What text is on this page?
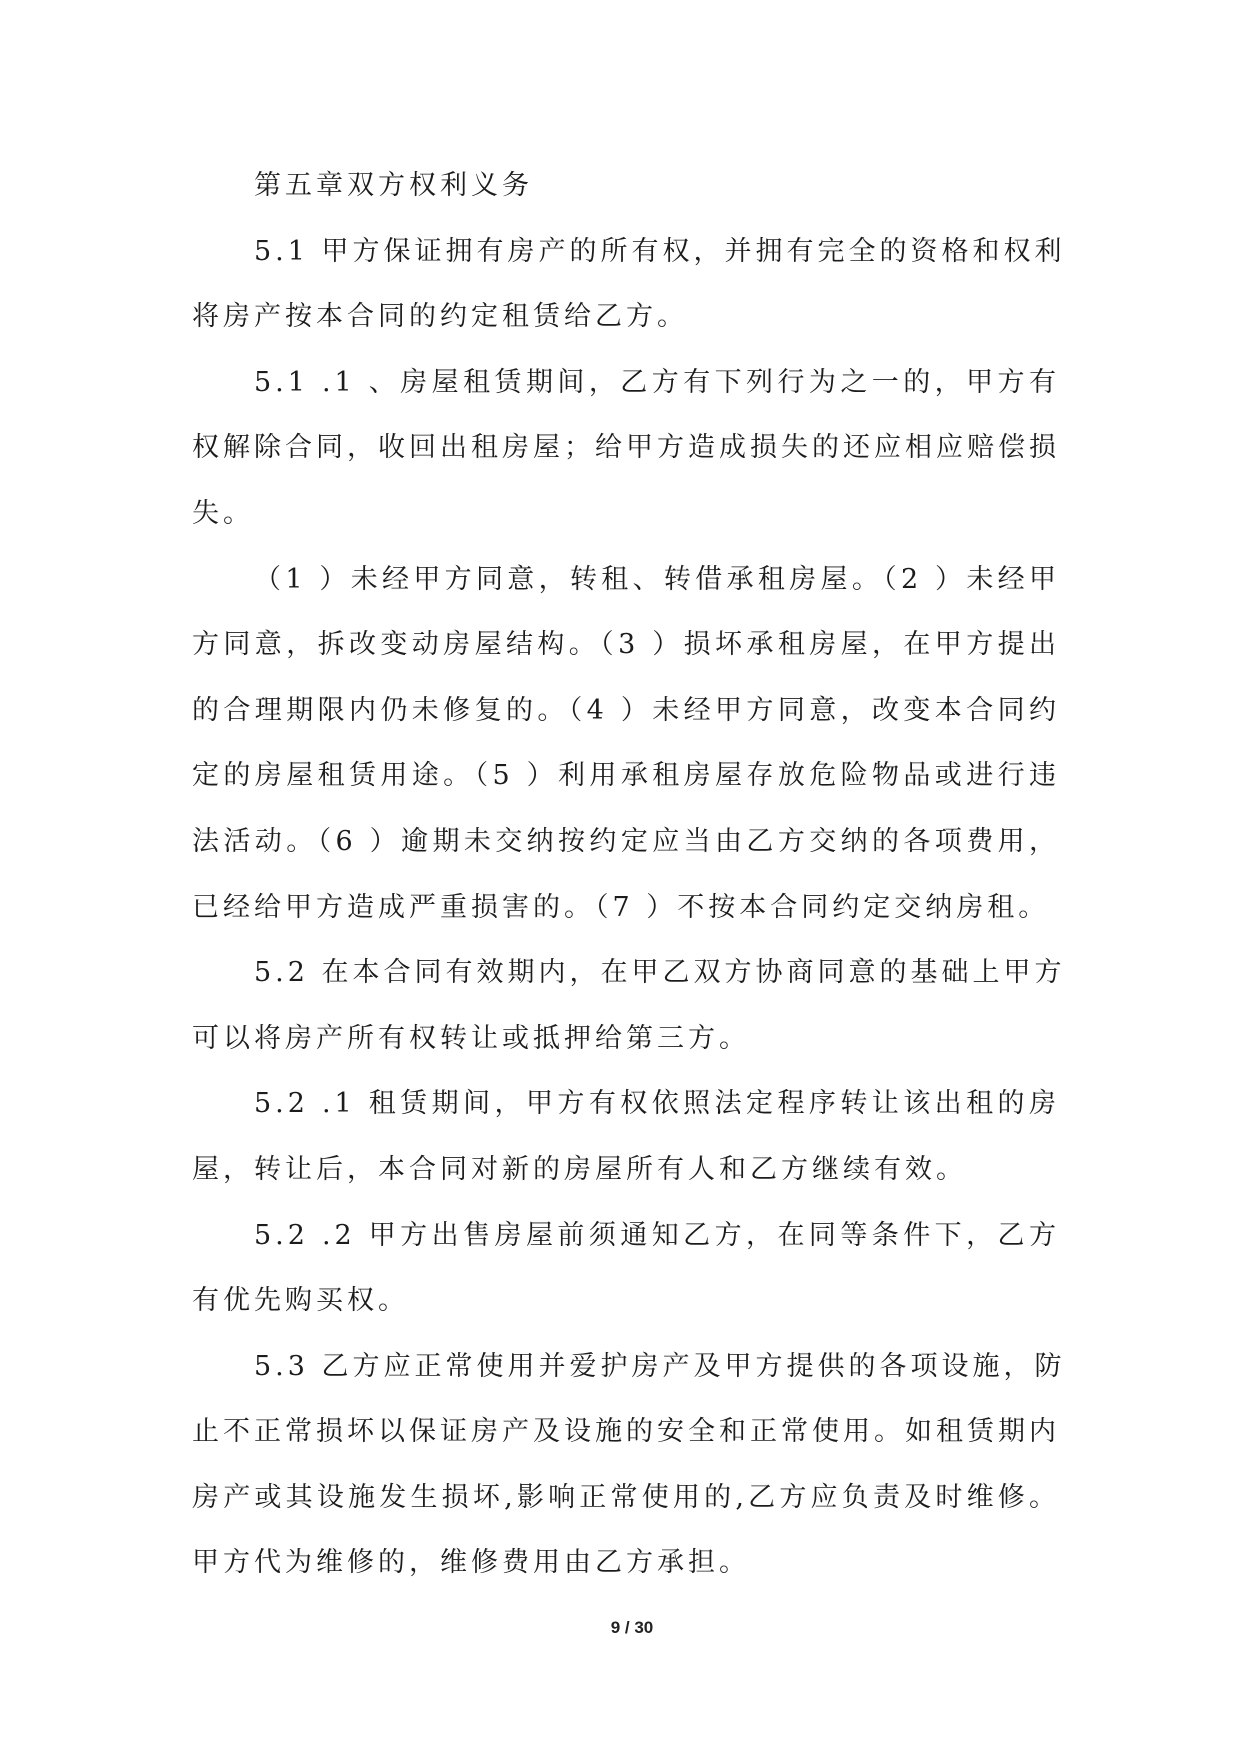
第五章双方权利义务
5.1 甲方保证拥有房产的所有权，并拥有完全的资格和权利
将房产按本合同的约定租赁给乙方。
5.1 .1 、房屋租赁期间，乙方有下列行为之一的，甲方有
权解除合同，收回出租房屋；给甲方造成损失的还应相应赔偿损
失。
（1 ）未经甲方同意，转租、转借承租房屋。（2 ）未经甲
方同意，拆改变动房屋结构。（3 ）损坏承租房屋，在甲方提出
的合理期限内仍未修复的。（4 ）未经甲方同意，改变本合同约
定的房屋租赁用途。（5 ）利用承租房屋存放危险物品或进行违
法活动。（6 ）逾期未交纳按约定应当由乙方交纳的各项费用，
已经给甲方造成严重损害的。（7 ）不按本合同约定交纳房租。
5.2 在本合同有效期内，在甲乙双方协商同意的基础上甲方
可以将房产所有权转让或抵押给第三方。
5.2 .1 租赁期间，甲方有权依照法定程序转让该出租的房
屋，转让后，本合同对新的房屋所有人和乙方继续有效。
5.2 .2 甲方出售房屋前须通知乙方，在同等条件下，乙方
有优先购买权。
5.3 乙方应正常使用并爱护房产及甲方提供的各项设施，防
止不正常损坏以保证房产及设施的安全和正常使用。如租赁期内
房产或其设施发生损坏,影响正常使用的,乙方应负责及时维修。
甲方代为维修的，维修费用由乙方承担。
9 / 30
